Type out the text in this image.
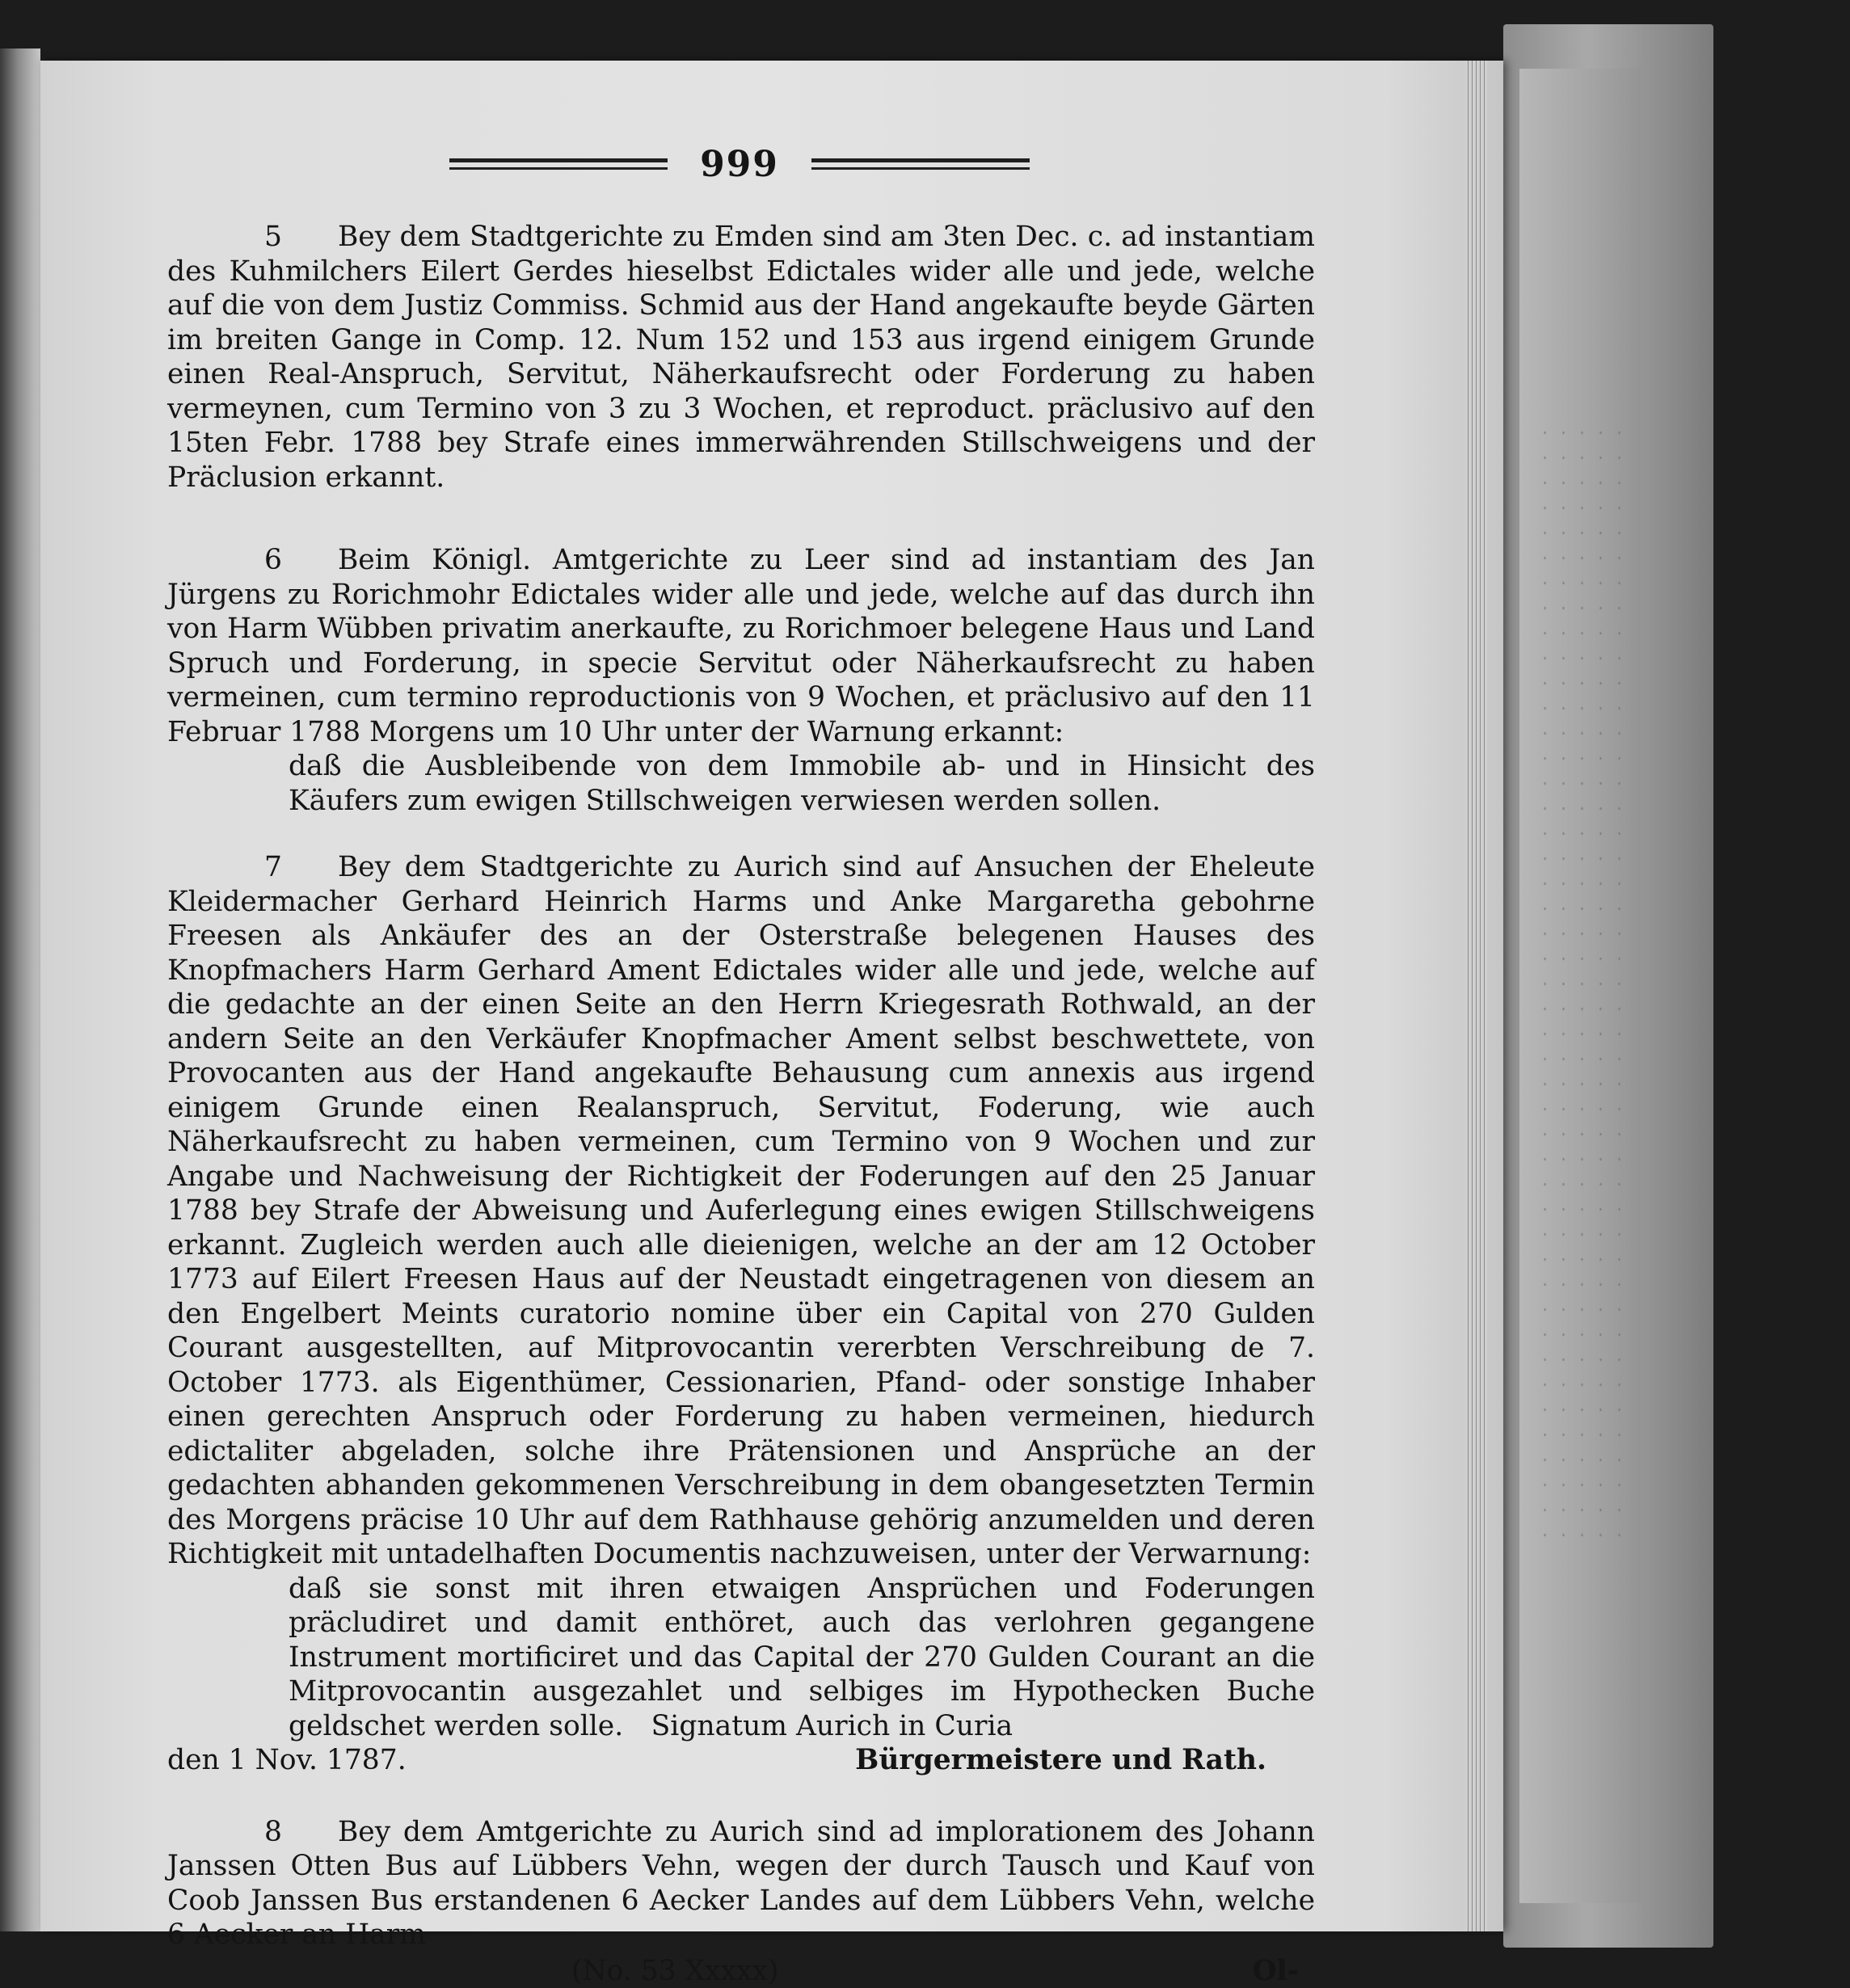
999

5   Bey dem Stadtgerichte zu Emden sind am 3ten Dec. c. ad instantiam des Kuhmilchers Eilert Gerdes hieselbst Edictales wider alle und jede, welche auf die von dem Justiz Commiss. Schmid aus der Hand angekaufte beyde Gärten im breiten Gange in Comp. 12. Num 152 und 153 aus irgend einigem Grunde einen Real-Anspruch, Servitut, Näherkaufsrecht oder Forderung zu haben vermeynen, cum Termino von 3 zu 3 Wochen, et reproduct. präclusivo auf den 15ten Febr. 1788 bey Strafe eines immerwährenden Stillschweigens und der Präclusion erkannt.

6   Beim Königl. Amtgerichte zu Leer sind ad instantiam des Jan Jürgens zu Rorichmohr Edictales wider alle und jede, welche auf das durch ihn von Harm Wübben privatim anerkaufte, zu Rorichmoer belegene Haus und Land Spruch und Forderung, in specie Servitut oder Näherkaufsrecht zu haben vermeinen, cum termino reproductionis von 9 Wochen, et präclusivo auf den 11 Februar 1788 Morgens um 10 Uhr unter der Warnung erkannt:

daß die Ausbleibende von dem Immobile ab- und in Hinsicht des Käufers zum ewigen Stillschweigen verwiesen werden sollen.

7   Bey dem Stadtgerichte zu Aurich sind auf Ansuchen der Eheleute Kleidermacher Gerhard Heinrich Harms und Anke Margaretha gebohrne Freesen als Ankäufer des an der Osterstraße belegenen Hauses des Knopfmachers Harm Gerhard Ament Edictales wider alle und jede, welche auf die gedachte an der einen Seite an den Herrn Kriegesrath Rothwald, an der andern Seite an den Verkäufer Knopfmacher Ament selbst beschwettete, von Provocanten aus der Hand angekaufte Behausung cum annexis aus irgend einigem Grunde einen Realanspruch, Servitut, Foderung, wie auch Näherkaufsrecht zu haben vermeinen, cum Termino von 9 Wochen und zur Angabe und Nachweisung der Richtigkeit der Foderungen auf den 25 Januar 1788 bey Strafe der Abweisung und Auferlegung eines ewigen Stillschweigens erkannt. Zugleich werden auch alle dieienigen, welche an der am 12 October 1773 auf Eilert Freesen Haus auf der Neustadt eingetragenen von diesem an den Engelbert Meints curatorio nomine über ein Capital von 270 Gulden Courant ausgestellten, auf Mitprovocantin vererbten Verschreibung de 7. October 1773. als Eigenthümer, Cessionarien, Pfand- oder sonstige Inhaber einen gerechten Anspruch oder Forderung zu haben vermeinen, hiedurch edictaliter abgeladen, solche ihre Prätensionen und Ansprüche an der gedachten abhanden gekommenen Verschreibung in dem obangesetzten Termin des Morgens präcise 10 Uhr auf dem Rathhause gehörig anzumelden und deren Richtigkeit mit untadelhaften Documentis nachzuweisen, unter der Verwarnung:

daß sie sonst mit ihren etwaigen Ansprüchen und Foderungen präcludiret und damit enthöret, auch das verlohren gegangene Instrument mortificiret und das Capital der 270 Gulden Courant an die Mitprovocantin ausgezahlet und selbiges im Hypothecken Buche geldschet werden solle.  Signatum Aurich in Curia
den 1 Nov. 1787.	Bürgermeistere und Rath.

8   Bey dem Amtgerichte zu Aurich sind ad implorationem des Johann Janssen Otten Bus auf Lübbers Vehn, wegen der durch Tausch und Kauf von Coob Janssen Bus erstandenen 6 Aecker Landes auf dem Lübbers Vehn, welche 6 Aecker an Harm

(No. 53 Xxxxx)	Ol-
